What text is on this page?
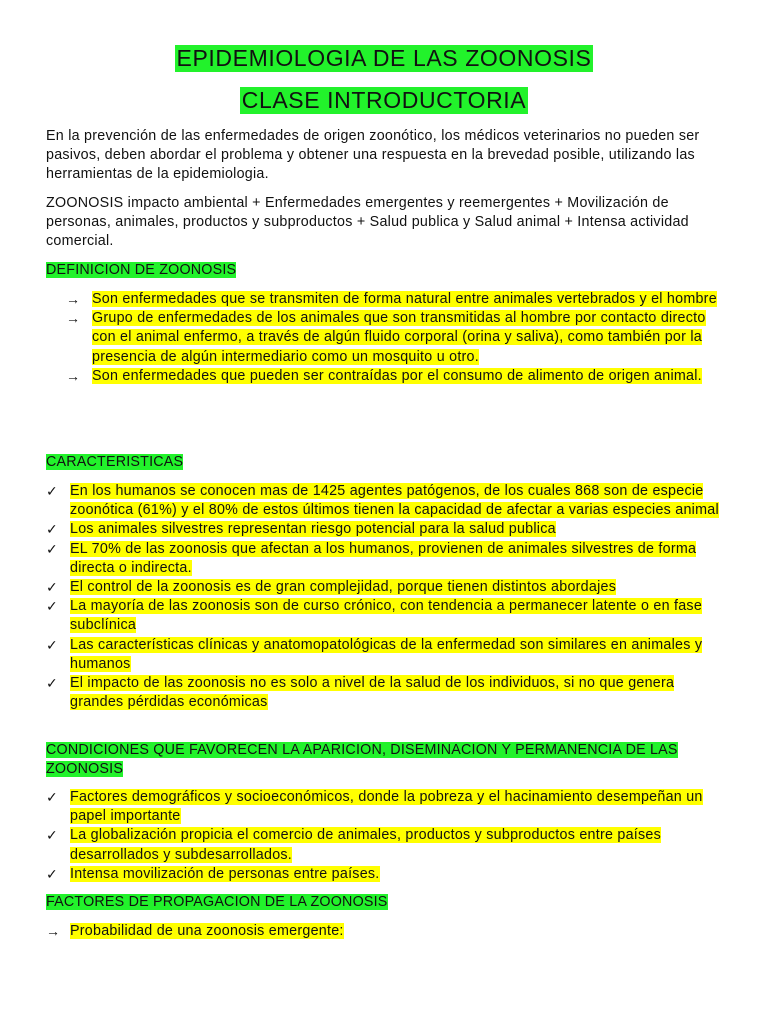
EPIDEMIOLOGIA DE LAS ZOONOSIS
CLASE INTRODUCTORIA

En la prevención de las enfermedades de origen zoonótico, los médicos veterinarios no pueden ser pasivos, deben abordar el problema y obtener una respuesta en la brevedad posible, utilizando las herramientas de la epidemiologia.

ZOONOSIS impacto ambiental + Enfermedades emergentes y reemergentes + Movilización de personas, animales, productos y subproductos + Salud publica y Salud animal + Intensa actividad comercial.

DEFINICION DE ZOONOSIS
→ Son enfermedades que se transmiten de forma natural entre animales vertebrados y el hombre
→ Grupo de enfermedades de los animales que son transmitidas al hombre por contacto directo con el animal enfermo, a través de algún fluido corporal (orina y saliva), como también por la presencia de algún intermediario como un mosquito u otro.
→ Son enfermedades que pueden ser contraídas por el consumo de alimento de origen animal.
CARACTERISTICAS
✓ En los humanos se conocen mas de 1425 agentes patógenos, de los cuales 868 son de especie zoonótica (61%) y el 80% de estos últimos tienen la capacidad de afectar a varias especies animal
✓ Los animales silvestres representan riesgo potencial para la salud publica
✓ EL 70% de las zoonosis que afectan a los humanos, provienen de animales silvestres de forma directa o indirecta.
✓ El control de la zoonosis es de gran complejidad, porque tienen distintos abordajes
✓ La mayoría de las zoonosis son de curso crónico, con tendencia a permanecer latente o en fase subclínica
✓ Las características clínicas y anatomopatológicas de la enfermedad son similares en animales y humanos
✓ El impacto de las zoonosis no es solo a nivel de la salud de los individuos, si no que genera grandes pérdidas económicas
CONDICIONES QUE FAVORECEN LA APARICION, DISEMINACION Y PERMANENCIA DE LAS ZOONOSIS
✓ Factores demográficos y socioeconómicos, donde la pobreza y el hacinamiento desempeñan un papel importante
✓ La globalización propicia el comercio de animales, productos y subproductos entre países desarrollados y subdesarrollados.
✓ Intensa movilización de personas entre países.
FACTORES DE PROPAGACION DE LA ZOONOSIS
→ Probabilidad de una zoonosis emergente:
